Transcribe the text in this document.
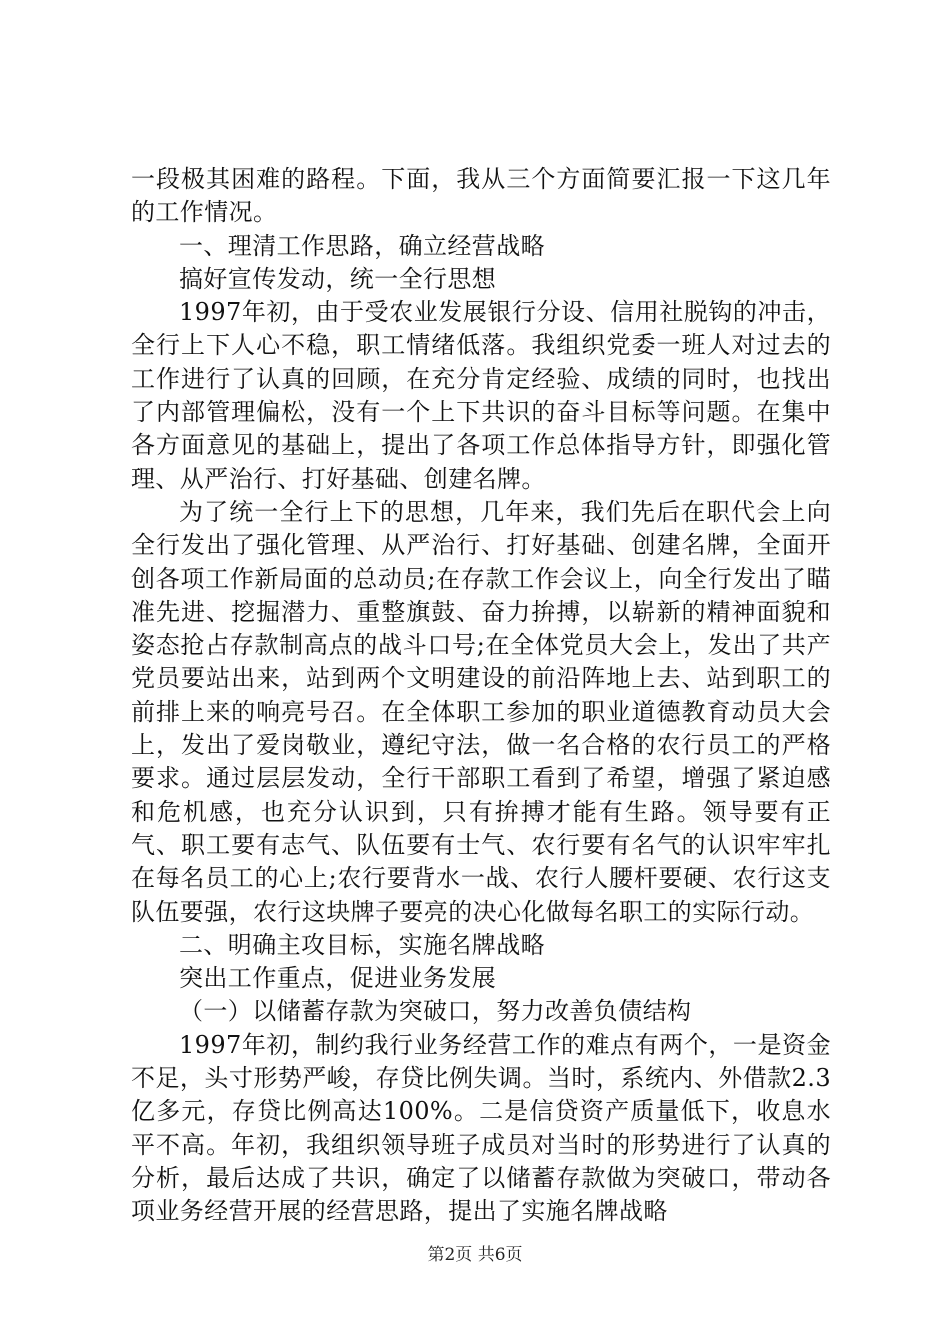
一段极其困难的路程。下面，我从三个方面简要汇报一下这几年的工作情况。

一、理清工作思路，确立经营战略

搞好宣传发动，统一全行思想

1997年初，由于受农业发展银行分设、信用社脱钩的冲击，全行上下人心不稳，职工情绪低落。我组织党委一班人对过去的工作进行了认真的回顾，在充分肯定经验、成绩的同时，也找出了内部管理偏松，没有一个上下共识的奋斗目标等问题。在集中各方面意见的基础上，提出了各项工作总体指导方针，即强化管理、从严治行、打好基础、创建名牌。

为了统一全行上下的思想，几年来，我们先后在职代会上向全行发出了强化管理、从严治行、打好基础、创建名牌，全面开创各项工作新局面的总动员;在存款工作会议上，向全行发出了瞄准先进、挖掘潜力、重整旗鼓、奋力拚搏，以崭新的精神面貌和姿态抢占存款制高点的战斗口号;在全体党员大会上，发出了共产党员要站出来，站到两个文明建设的前沿阵地上去、站到职工的前排上来的响亮号召。在全体职工参加的职业道德教育动员大会上，发出了爱岗敬业，遵纪守法，做一名合格的农行员工的严格要求。通过层层发动，全行干部职工看到了希望，增强了紧迫感和危机感，也充分认识到，只有拚搏才能有生路。领导要有正气、职工要有志气、队伍要有士气、农行要有名气的认识牢牢扎在每名员工的心上;农行要背水一战、农行人腰杆要硬、农行这支队伍要强，农行这块牌子要亮的决心化做每名职工的实际行动。

二、明确主攻目标，实施名牌战略

突出工作重点，促进业务发展

（一）以储蓄存款为突破口，努力改善负债结构

1997年初，制约我行业务经营工作的难点有两个，一是资金不足，头寸形势严峻，存贷比例失调。当时，系统内、外借款2.3亿多元，存贷比例高达100%。二是信贷资产质量低下，收息水平不高。年初，我组织领导班子成员对当时的形势进行了认真的分析，最后达成了共识，确定了以储蓄存款做为突破口，带动各项业务经营开展的经营思路，提出了实施名牌战略

第2页 共6页
